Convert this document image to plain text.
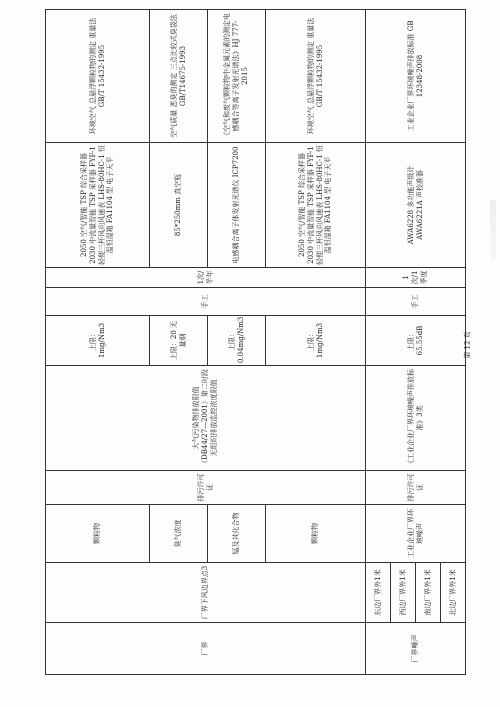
厂界	厂界下风边界点3	颗粒物	排污许可证	大气污染物排放限值（DB44/27—2001）第二时段无组织排放监控浓度限值	上限：1mg/Nm3	手工	1次/半年	2050 空气/智能 TSP 综合采样器 2030 中流量智能 TSP 采样器 FYF-1 轻便三杯风向风速表 LHS-80HC-1 恒温恒湿箱 FA1104 型 电子天平	环境空气 总悬浮颗粒物的测定 重量法 GB/T 15432-1995
		臭气浓度			上限：20 无量纲			85*250mm 真空瓶	空气质量 恶臭的测定 三点比较式臭袋法 GB/T14675-1993
		锰及其化合物			上限：0.04mg/Nm3			电感耦合离子体发射光谱仪 ICP7200	《空气和废气颗粒物中金属元素的测定电感耦合等离子发射光谱法》HJ 777-2015
		颗粒物			上限：1mg/Nm3			2050 空气/智能 TSP 综合采样器 2030 中流量智能 TSP 采样器 FYF-1 轻便三杯风向风速表 LHS-80HC-1 恒温恒湿箱 FA1104 型 电子天平	环境空气 总悬浮颗粒物的测定 重量法 GB/T 15432-1995
厂界噪声	东边厂界外1米	工业企业厂界环境噪声	排污许可证	《工业企业厂界环境噪声排放标准》3类	上限：65.55dB	手工	1次/1季度	AWA6228 多功能声级计 AWA6221A 声校准器	工业企业厂界环境噪声排放标准 GB 12348-2008
	西边厂界外1米								
	南边厂界外1米								
	北边厂界外1米								
第 12 页
